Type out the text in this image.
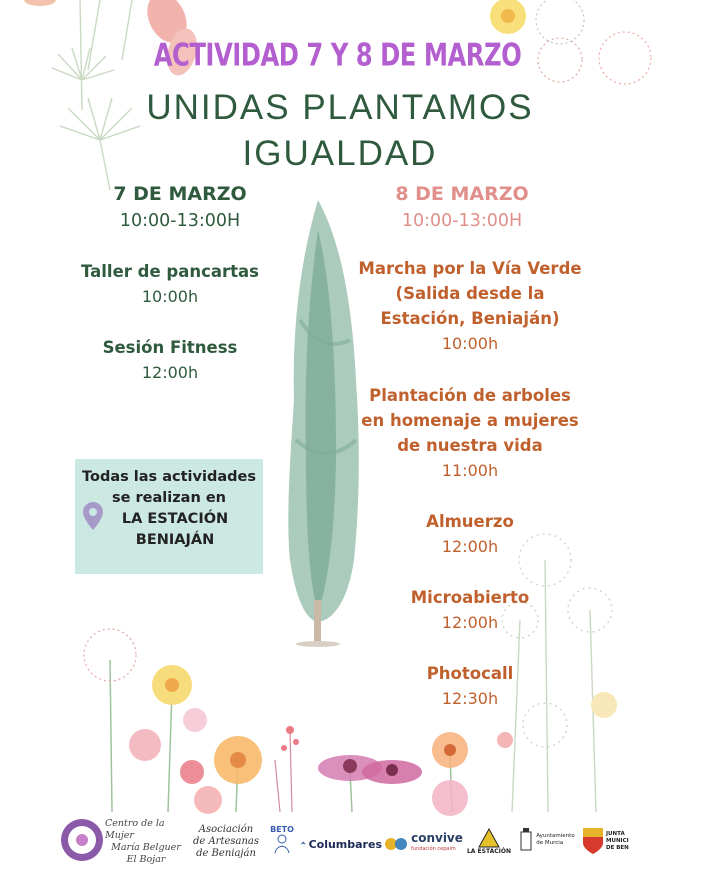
ACTIVIDAD 7 Y 8 DE MARZO
UNIDAS PLANTAMOS
IGUALDAD
7 DE MARZO
10:00-13:00H
Taller de pancartas
10:00h
Sesión Fitness
12:00h
Todas las actividades
se realizan en
LA ESTACIÓN
BENIAJÁN
8 DE MARZO
10:00-13:00H
Marcha por la Vía Verde
(Salida desde la
Estación, Beniaján)
10:00h
Plantación de arboles
en homenaje a mujeres
de nuestra vida
11:00h
Almuerzo
12:00h
Microabierto
12:00h
Photocall
12:30h
Centro de la Mujer
María Belguer
El Bojar
Asociación
de Artesanas
de Beniaján
BETO
Columbares convive
fundación cepaim	LA ESTACIÓN
Ayuntamiento
de Murcia
JUNTA
MUNICI
DE BEN
